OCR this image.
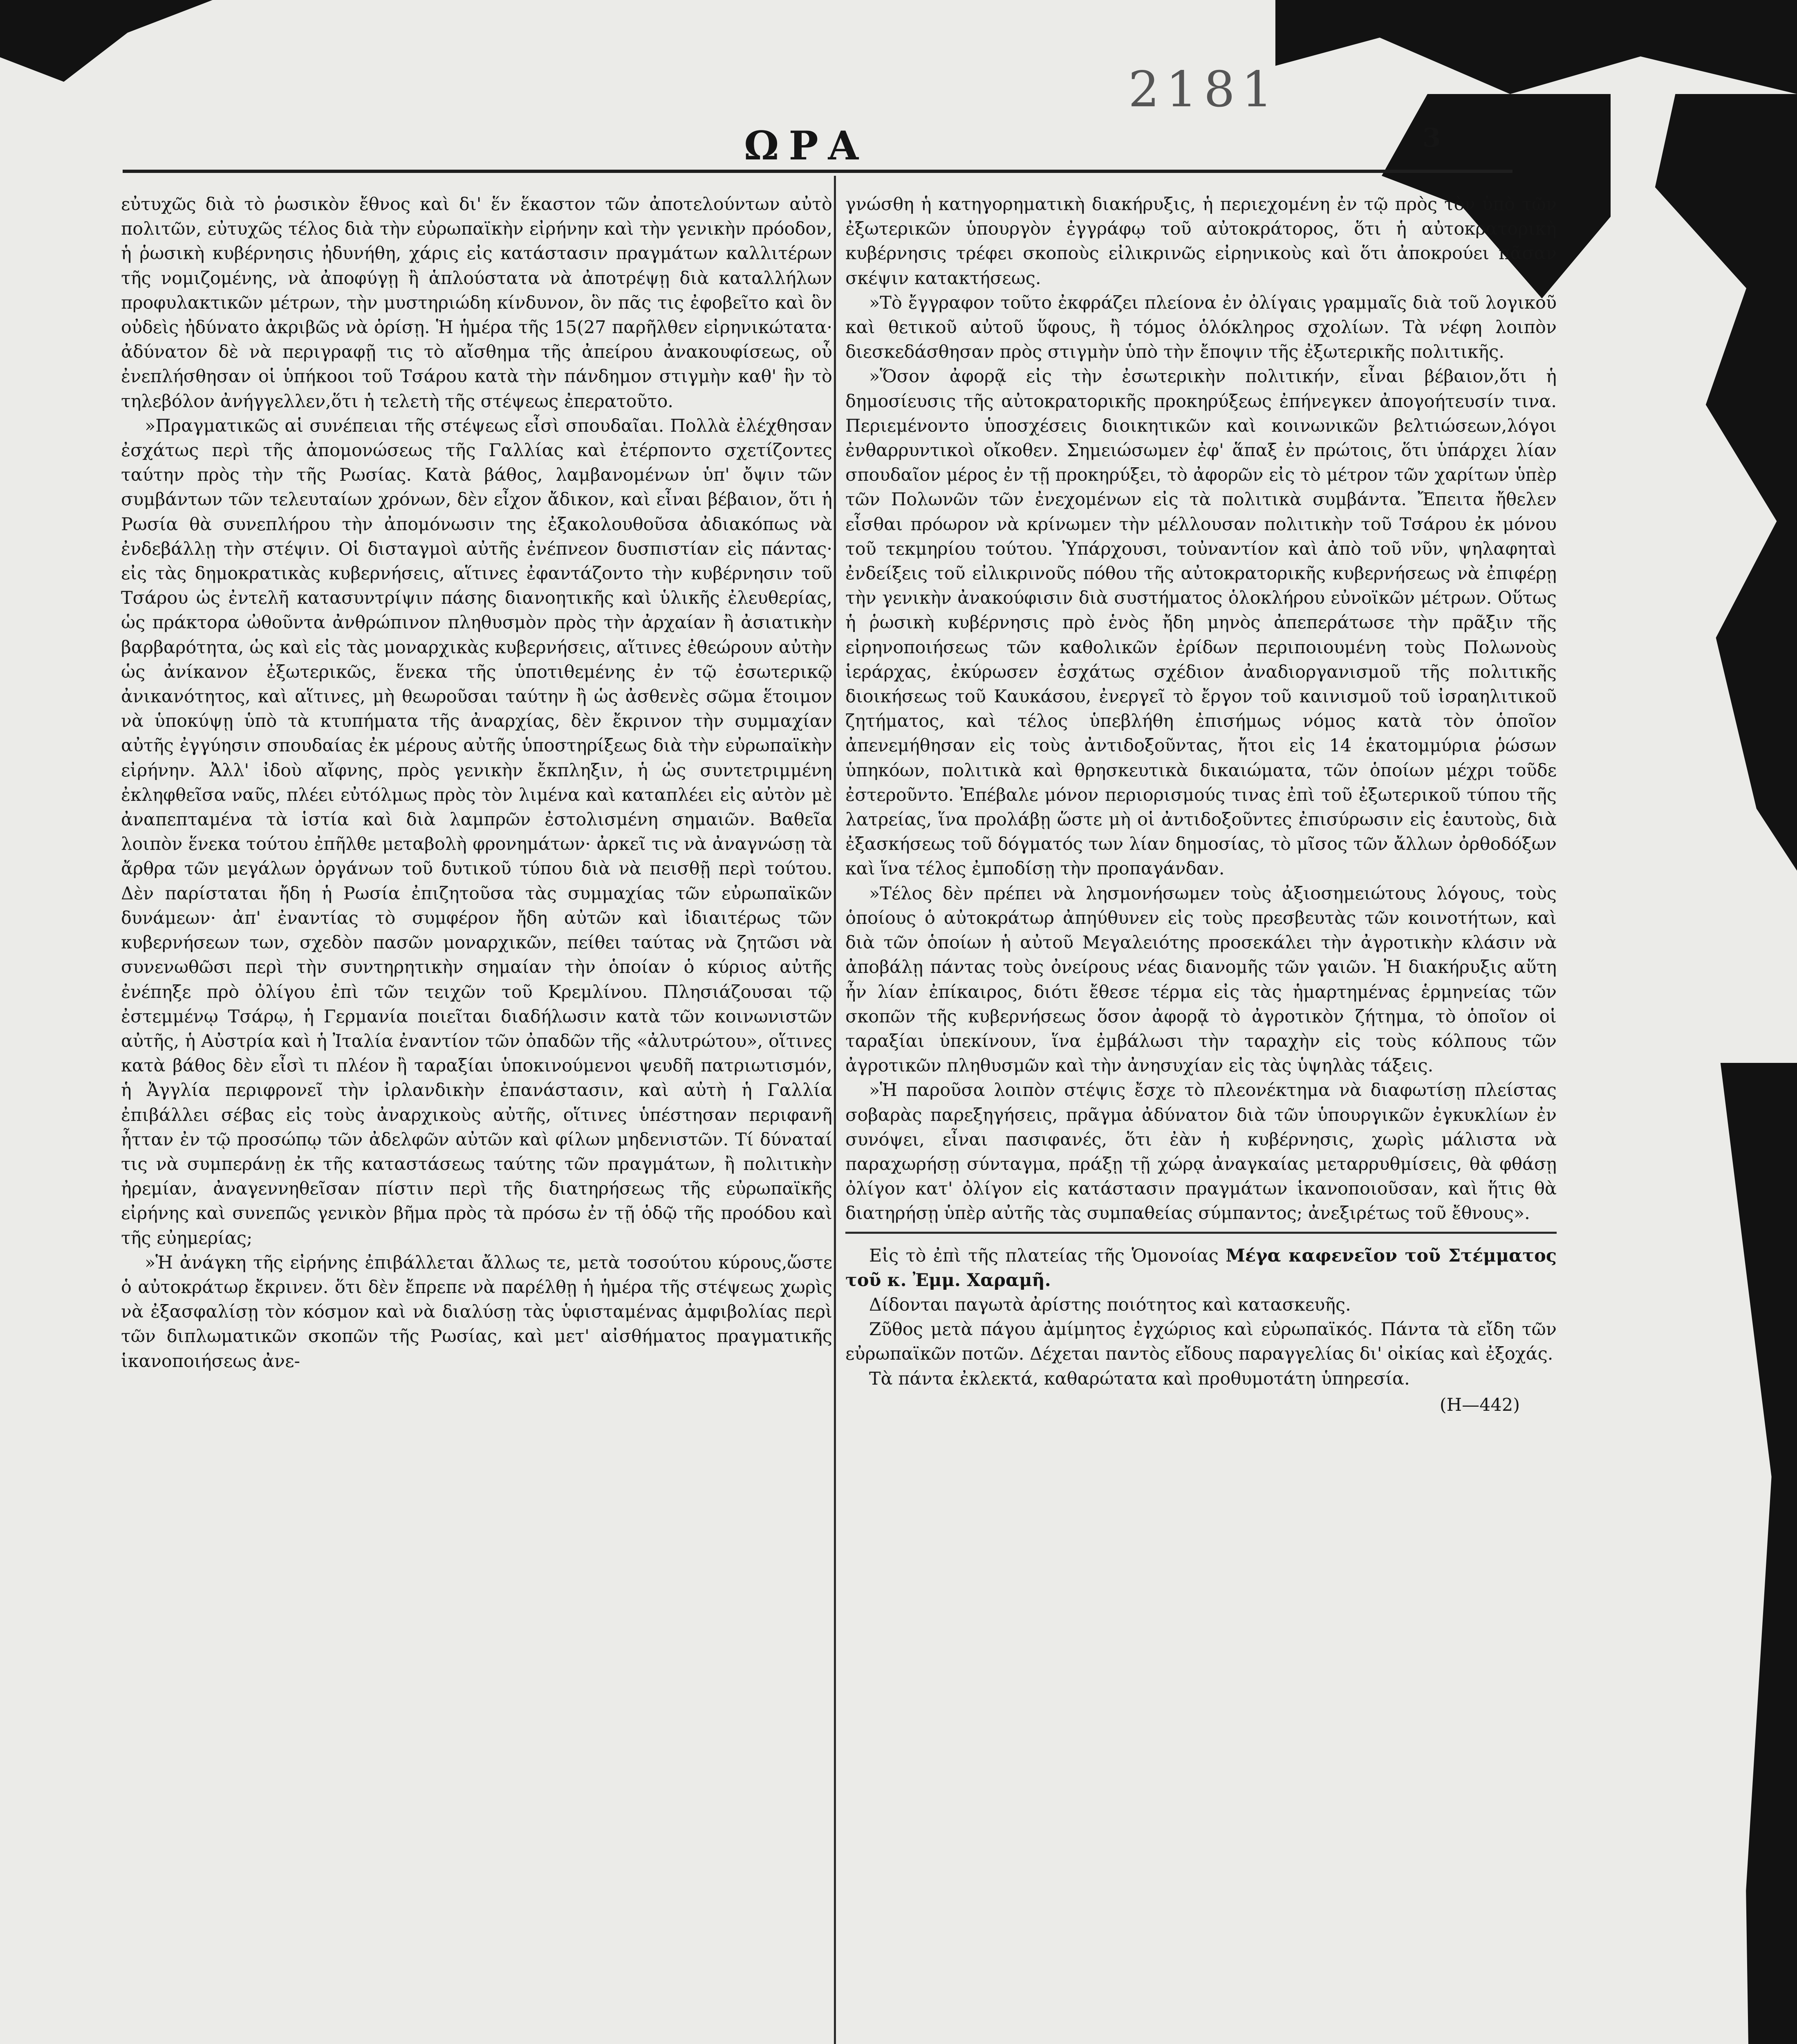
2181
ΩΡΑ	3

εὐτυχῶς διὰ τὸ ῥωσικὸν ἔθνος καὶ δι' ἕν ἕκαστον τῶν ἀποτελούντων αὐτὸ πολιτῶν, εὐτυχῶς τέλος διὰ τὴν εὐρωπαϊκὴν εἰρήνην καὶ τὴν γενικὴν πρόοδον, ἡ ῥωσικὴ κυβέρνησις ἠδυνήθη, χάρις εἰς κατάστασιν πραγμάτων καλλιτέρων τῆς νομιζομένης, νὰ ἀποφύγῃ ἢ ἁπλούστατα νὰ ἀποτρέψῃ διὰ καταλλήλων προφυλακτικῶν μέτρων, τὴν μυστηριώδη κίνδυνον, ὃν πᾶς τις ἐφοβεῖτο καὶ ὃν οὐδεὶς ἠδύνατο ἀκριβῶς νὰ ὁρίσῃ. Ἡ ἡμέρα τῆς 15(27 παρῆλθεν εἰρηνικώτατα· ἀδύνατον δὲ νὰ περιγραφῇ τις τὸ αἴσθημα τῆς ἀπείρου ἀνακουφίσεως, οὗ ἐνεπλήσθησαν οἱ ὑπήκοοι τοῦ Τσάρου κατὰ τὴν πάνδημον στιγμὴν καθ' ἣν τὸ τηλεβόλον ἀνήγγελλεν,ὅτι ἡ τελετὴ τῆς στέψεως ἐπερατοῦτο.

»Πραγματικῶς αἱ συνέπειαι τῆς στέψεως εἶσὶ σπουδαῖαι. Πολλὰ ἐλέχθησαν ἐσχάτως περὶ τῆς ἀπομονώσεως τῆς Γαλλίας καὶ ἐτέρποντο σχετίζοντες ταύτην πρὸς τὴν τῆς Ρωσίας. Κατὰ βάθος, λαμβανομένων ὑπ' ὄψιν τῶν συμβάντων τῶν τελευταίων χρόνων, δὲν εἶχον ἄδικον, καὶ εἶναι βέβαιον, ὅτι ἡ Ρωσία θὰ συνεπλήρου τὴν ἀπομόνωσιν της ἐξακολουθοῦσα ἀδιακόπως νὰ ἐνδεβάλλῃ τὴν στέψιν. Οἱ δισταγμοὶ αὐτῆς ἐνέπνεον δυσπιστίαν εἰς πάντας· εἰς τὰς δημοκρατικὰς κυβερνήσεις, αἵτινες ἐφαντάζοντο τὴν κυβέρνησιν τοῦ Τσάρου ὡς ἐντελῆ κατασυντρίψιν πάσης διανοητικῆς καὶ ὑλικῆς ἐλευθερίας, ὡς πράκτορα ὠθοῦντα ἀνθρώπινον πληθυσμὸν πρὸς τὴν ἀρχαίαν ἢ ἀσιατικὴν βαρβαρότητα, ὡς καὶ εἰς τὰς μοναρχικὰς κυβερνήσεις, αἵτινες ἐθεώρουν αὐτὴν ὡς ἀνίκανον ἐξωτερικῶς, ἕνεκα τῆς ὑποτιθεμένης ἐν τῷ ἐσωτερικῷ ἀνικανότητος, καὶ αἵτινες, μὴ θεωροῦσαι ταύτην ἢ ὡς ἀσθενὲς σῶμα ἕτοιμον νὰ ὑποκύψῃ ὑπὸ τὰ κτυπήματα τῆς ἀναρχίας, δὲν ἔκρινον τὴν συμμαχίαν αὐτῆς ἐγγύησιν σπουδαίας ἐκ μέρους αὐτῆς ὑποστηρίξεως διὰ τὴν εὐρωπαϊκὴν εἰρήνην. Ἀλλ' ἰδοὺ αἴφνης, πρὸς γενικὴν ἔκπληξιν, ἡ ὡς συντετριμμένη ἐκληφθεῖσα ναῦς, πλέει εὐτόλμως πρὸς τὸν λιμένα καὶ καταπλέει εἰς αὐτὸν μὲ ἀναπεπταμένα τὰ ἱστία καὶ διὰ λαμπρῶν ἐστολισμένη σημαιῶν. Βαθεῖα λοιπὸν ἕνεκα τούτου ἐπῆλθε μεταβολὴ φρονημάτων· ἀρκεῖ τις νὰ ἀναγνώσῃ τὰ ἄρθρα τῶν μεγάλων ὀργάνων τοῦ δυτικοῦ τύπου διὰ νὰ πεισθῇ περὶ τούτου. Δὲν παρίσταται ἤδη ἡ Ρωσία ἐπιζητοῦσα τὰς συμμαχίας τῶν εὐρωπαϊκῶν δυνάμεων· ἀπ' ἐναντίας τὸ συμφέρον ἤδη αὐτῶν καὶ ἰδιαιτέρως τῶν κυβερνήσεων των, σχεδὸν πασῶν μοναρχικῶν, πείθει ταύτας νὰ ζητῶσι νὰ συνενωθῶσι περὶ τὴν συντηρητικὴν σημαίαν τὴν ὁποίαν ὁ κύριος αὐτῆς ἐνέπηξε πρὸ ὀλίγου ἐπὶ τῶν τειχῶν τοῦ Κρεμλίνου. Πλησιάζουσαι τῷ ἐστεμμένῳ Τσάρῳ, ἡ Γερμανία ποιεῖται διαδήλωσιν κατὰ τῶν κοινωνιστῶν αὐτῆς, ἡ Αὐστρία καὶ ἡ Ἰταλία ἐναντίον τῶν ὀπαδῶν τῆς «ἀλυτρώτου», οἵτινες κατὰ βάθος δὲν εἶσὶ τι πλέον ἢ ταραξίαι ὑποκινούμενοι ψευδῆ πατριωτισμόν, ἡ Ἀγγλία περιφρονεῖ τὴν ἰρλανδικὴν ἐπανάστασιν, καὶ αὐτὴ ἡ Γαλλία ἐπιβάλλει σέβας εἰς τοὺς ἀναρχικοὺς αὐτῆς, οἵτινες ὑπέστησαν περιφανῆ ἧτταν ἐν τῷ προσώπῳ τῶν ἀδελφῶν αὐτῶν καὶ φίλων μηδενιστῶν. Τί δύναταί τις νὰ συμπεράνῃ ἐκ τῆς καταστάσεως ταύτης τῶν πραγμάτων, ἢ πολιτικὴν ἠρεμίαν, ἀναγεννηθεῖσαν πίστιν περὶ τῆς διατηρήσεως τῆς εὐρωπαϊκῆς εἰρήνης καὶ συνεπῶς γενικὸν βῆμα πρὸς τὰ πρόσω ἐν τῇ ὁδῷ τῆς προόδου καὶ τῆς εὐημερίας;

»Ἡ ἀνάγκη τῆς εἰρήνης ἐπιβάλλεται ἄλλως τε, μετὰ τοσούτου κύρους,ὥστε ὁ αὐτοκράτωρ ἔκρινεν. ὅτι δὲν ἔπρεπε νὰ παρέλθῃ ἡ ἡμέρα τῆς στέψεως χωρὶς νὰ ἐξασφαλίσῃ τὸν κόσμον καὶ νὰ διαλύσῃ τὰς ὑφισταμένας ἀμφιβολίας περὶ τῶν διπλωματικῶν σκοπῶν τῆς Ρωσίας, καὶ μετ' αἰσθήματος πραγματικῆς ἱκανοποιήσεως ἀνε-

γνώσθη ἡ κατηγορηματικὴ διακήρυξις, ἡ περιεχομένη ἐν τῷ πρὸς τὸν ὑπὸ τῶν ἐξωτερικῶν ὑπουργὸν ἐγγράφῳ τοῦ αὐτοκράτορος, ὅτι ἡ αὐτοκρατορικὴ κυβέρνησις τρέφει σκοποὺς εἰλικρινῶς εἰρηνικοὺς καὶ ὅτι ἀποκρούει πᾶσαν σκέψιν κατακτήσεως.

»Τὸ ἔγγραφον τοῦτο ἐκφράζει πλείονα ἐν ὀλίγαις γραμμαῖς διὰ τοῦ λογικοῦ καὶ θετικοῦ αὐτοῦ ὕφους, ἢ τόμος ὁλόκληρος σχολίων. Τὰ νέφη λοιπὸν διεσκεδάσθησαν πρὸς στιγμὴν ὑπὸ τὴν ἔποψιν τῆς ἐξωτερικῆς πολιτικῆς.

»Ὅσον ἀφορᾷ εἰς τὴν ἐσωτερικὴν πολιτικήν, εἶναι βέβαιον,ὅτι ἡ δημοσίευσις τῆς αὐτοκρατορικῆς προκηρύξεως ἐπήνεγκεν ἀπογοήτευσίν τινα. Περιεμένοντο ὑποσχέσεις διοικητικῶν καὶ κοινωνικῶν βελτιώσεων,λόγοι ἐνθαρρυντικοὶ οἴκοθεν. Σημειώσωμεν ἐφ' ἅπαξ ἐν πρώτοις, ὅτι ὑπάρχει λίαν σπουδαῖον μέρος ἐν τῇ προκηρύξει, τὸ ἀφορῶν εἰς τὸ μέτρον τῶν χαρίτων ὑπὲρ τῶν Πολωνῶν τῶν ἐνεχομένων εἰς τὰ πολιτικὰ συμβάντα. Ἔπειτα ἤθελεν εἶσθαι πρόωρον νὰ κρίνωμεν τὴν μέλλουσαν πολιτικὴν τοῦ Τσάρου ἐκ μόνου τοῦ τεκμηρίου τούτου. Ὑπάρχουσι, τοὐναντίον καὶ ἀπὸ τοῦ νῦν, ψηλαφηταὶ ἐνδείξεις τοῦ εἰλικρινοῦς πόθου τῆς αὐτοκρατορικῆς κυβερνήσεως νὰ ἐπιφέρῃ τὴν γενικὴν ἀνακούφισιν διὰ συστήματος ὁλοκλήρου εὐνοϊκῶν μέτρων. Οὕτως ἡ ῥωσικὴ κυβέρνησις πρὸ ἑνὸς ἤδη μηνὸς ἀπεπεράτωσε τὴν πρᾶξιν τῆς εἰρηνοποιήσεως τῶν καθολικῶν ἐρίδων περιποιουμένη τοὺς Πολωνοὺς ἱεράρχας, ἐκύρωσεν ἐσχάτως σχέδιον ἀναδιοργανισμοῦ τῆς πολιτικῆς διοικήσεως τοῦ Καυκάσου, ἐνεργεῖ τὸ ἔργον τοῦ καινισμοῦ τοῦ ἰσραηλιτικοῦ ζητήματος, καὶ τέλος ὑπεβλήθη ἐπισήμως νόμος κατὰ τὸν ὁποῖον ἀπενεμήθησαν εἰς τοὺς ἀντιδοξοῦντας, ἤτοι εἰς 14 ἑκατομμύρια ῥώσων ὑπηκόων, πολιτικὰ καὶ θρησκευτικὰ δικαιώματα, τῶν ὁποίων μέχρι τοῦδε ἐστεροῦντο. Ἐπέβαλε μόνον περιορισμούς τινας ἐπὶ τοῦ ἐξωτερικοῦ τύπου τῆς λατρείας, ἵνα προλάβῃ ὥστε μὴ οἱ ἀντιδοξοῦντες ἐπισύρωσιν εἰς ἑαυτοὺς, διὰ ἐξασκήσεως τοῦ δόγματός των λίαν δημοσίας, τὸ μῖσος τῶν ἄλλων ὀρθοδόξων καὶ ἵνα τέλος ἐμποδίσῃ τὴν προπαγάνδαν.

»Τέλος δὲν πρέπει νὰ λησμονήσωμεν τοὺς ἀξιοσημειώτους λόγους, τοὺς ὁποίους ὁ αὐτοκράτωρ ἀπηύθυνεν εἰς τοὺς πρεσβευτὰς τῶν κοινοτήτων, καὶ διὰ τῶν ὁποίων ἡ αὐτοῦ Μεγαλειότης προσεκάλει τὴν ἀγροτικὴν κλάσιν νὰ ἀποβάλῃ πάντας τοὺς ὀνείρους νέας διανομῆς τῶν γαιῶν. Ἡ διακήρυξις αὕτη ἦν λίαν ἐπίκαιρος, διότι ἔθεσε τέρμα εἰς τὰς ἡμαρτημένας ἑρμηνείας τῶν σκοπῶν τῆς κυβερνήσεως ὅσον ἀφορᾷ τὸ ἀγροτικὸν ζήτημα, τὸ ὁποῖον οἱ ταραξίαι ὑπεκίνουν, ἵνα ἐμβάλωσι τὴν ταραχὴν εἰς τοὺς κόλπους τῶν ἀγροτικῶν πληθυσμῶν καὶ τὴν ἀνησυχίαν εἰς τὰς ὑψηλὰς τάξεις.

»Ἡ παροῦσα λοιπὸν στέψις ἔσχε τὸ πλεονέκτημα νὰ διαφωτίσῃ πλείστας σοβαρὰς παρεξηγήσεις, πρᾶγμα ἀδύνατον διὰ τῶν ὑπουργικῶν ἐγκυκλίων ἐν συνόψει, εἶναι πασιφανές, ὅτι ἐὰν ἡ κυβέρνησις, χωρὶς μάλιστα νὰ παραχωρήσῃ σύνταγμα, πράξῃ τῇ χώρᾳ ἀναγκαίας μεταρρυθμίσεις, θὰ φθάσῃ ὀλίγον κατ' ὀλίγον εἰς κατάστασιν πραγμάτων ἱκανοποιοῦσαν, καὶ ἥτις θὰ διατηρήσῃ ὑπὲρ αὐτῆς τὰς συμπαθείας σύμπαντος; ἀνεξιρέτως τοῦ ἔθνους».

Εἰς τὸ ἐπὶ τῆς πλατείας τῆς Ὁμονοίας Μέγα καφενεῖον τοῦ Στέμματος τοῦ κ. Ἐμμ. Χαραμῆ.

Δίδονται παγωτὰ ἀρίστης ποιότητος καὶ κατασκευῆς.

Ζῦθος μετὰ πάγου ἀμίμητος ἐγχώριος καὶ εὐρωπαϊκός. Πάντα τὰ εἴδη τῶν εὐρωπαϊκῶν ποτῶν. Δέχεται παντὸς εἴδους παραγγελίας δι' οἰκίας καὶ ἐξοχάς.

Τὰ πάντα ἐκλεκτά, καθαρώτατα καὶ προθυμοτάτη ὑπηρεσία.

(Η—442)
